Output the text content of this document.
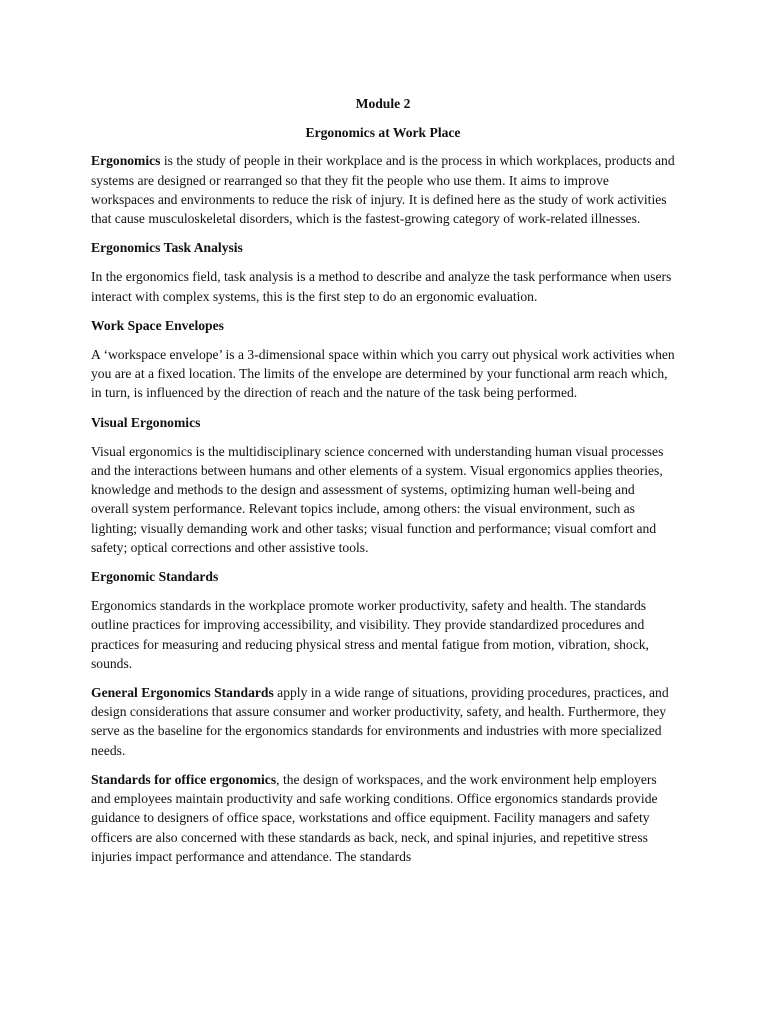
Module 2

Ergonomics at Work Place

Ergonomics is the study of people in their workplace and is the process in which workplaces, products and systems are designed or rearranged so that they fit the people who use them. It aims to improve workspaces and environments to reduce the risk of injury. It is defined here as the study of work activities that cause musculoskeletal disorders, which is the fastest-growing category of work-related illnesses.

Ergonomics Task Analysis

In the ergonomics field, task analysis is a method to describe and analyze the task performance when users interact with complex systems, this is the first step to do an ergonomic evaluation.

Work Space Envelopes

A ‘workspace envelope’ is a 3-dimensional space within which you carry out physical work activities when you are at a fixed location. The limits of the envelope are determined by your functional arm reach which, in turn, is influenced by the direction of reach and the nature of the task being performed.

Visual Ergonomics

Visual ergonomics is the multidisciplinary science concerned with understanding human visual processes and the interactions between humans and other elements of a system. Visual ergonomics applies theories, knowledge and methods to the design and assessment of systems, optimizing human well-being and overall system performance. Relevant topics include, among others: the visual environment, such as lighting; visually demanding work and other tasks; visual function and performance; visual comfort and safety; optical corrections and other assistive tools.

Ergonomic Standards

Ergonomics standards in the workplace promote worker productivity, safety and health. The standards outline practices for improving accessibility, and visibility. They provide standardized procedures and practices for measuring and reducing physical stress and mental fatigue from motion, vibration, shock, sounds.

General Ergonomics Standards apply in a wide range of situations, providing procedures, practices, and design considerations that assure consumer and worker productivity, safety, and health. Furthermore, they serve as the baseline for the ergonomics standards for environments and industries with more specialized needs.

Standards for office ergonomics, the design of workspaces, and the work environment help employers and employees maintain productivity and safe working conditions. Office ergonomics standards provide guidance to designers of office space, workstations and office equipment. Facility managers and safety officers are also concerned with these standards as back, neck, and spinal injuries, and repetitive stress injuries impact performance and attendance. The standards
